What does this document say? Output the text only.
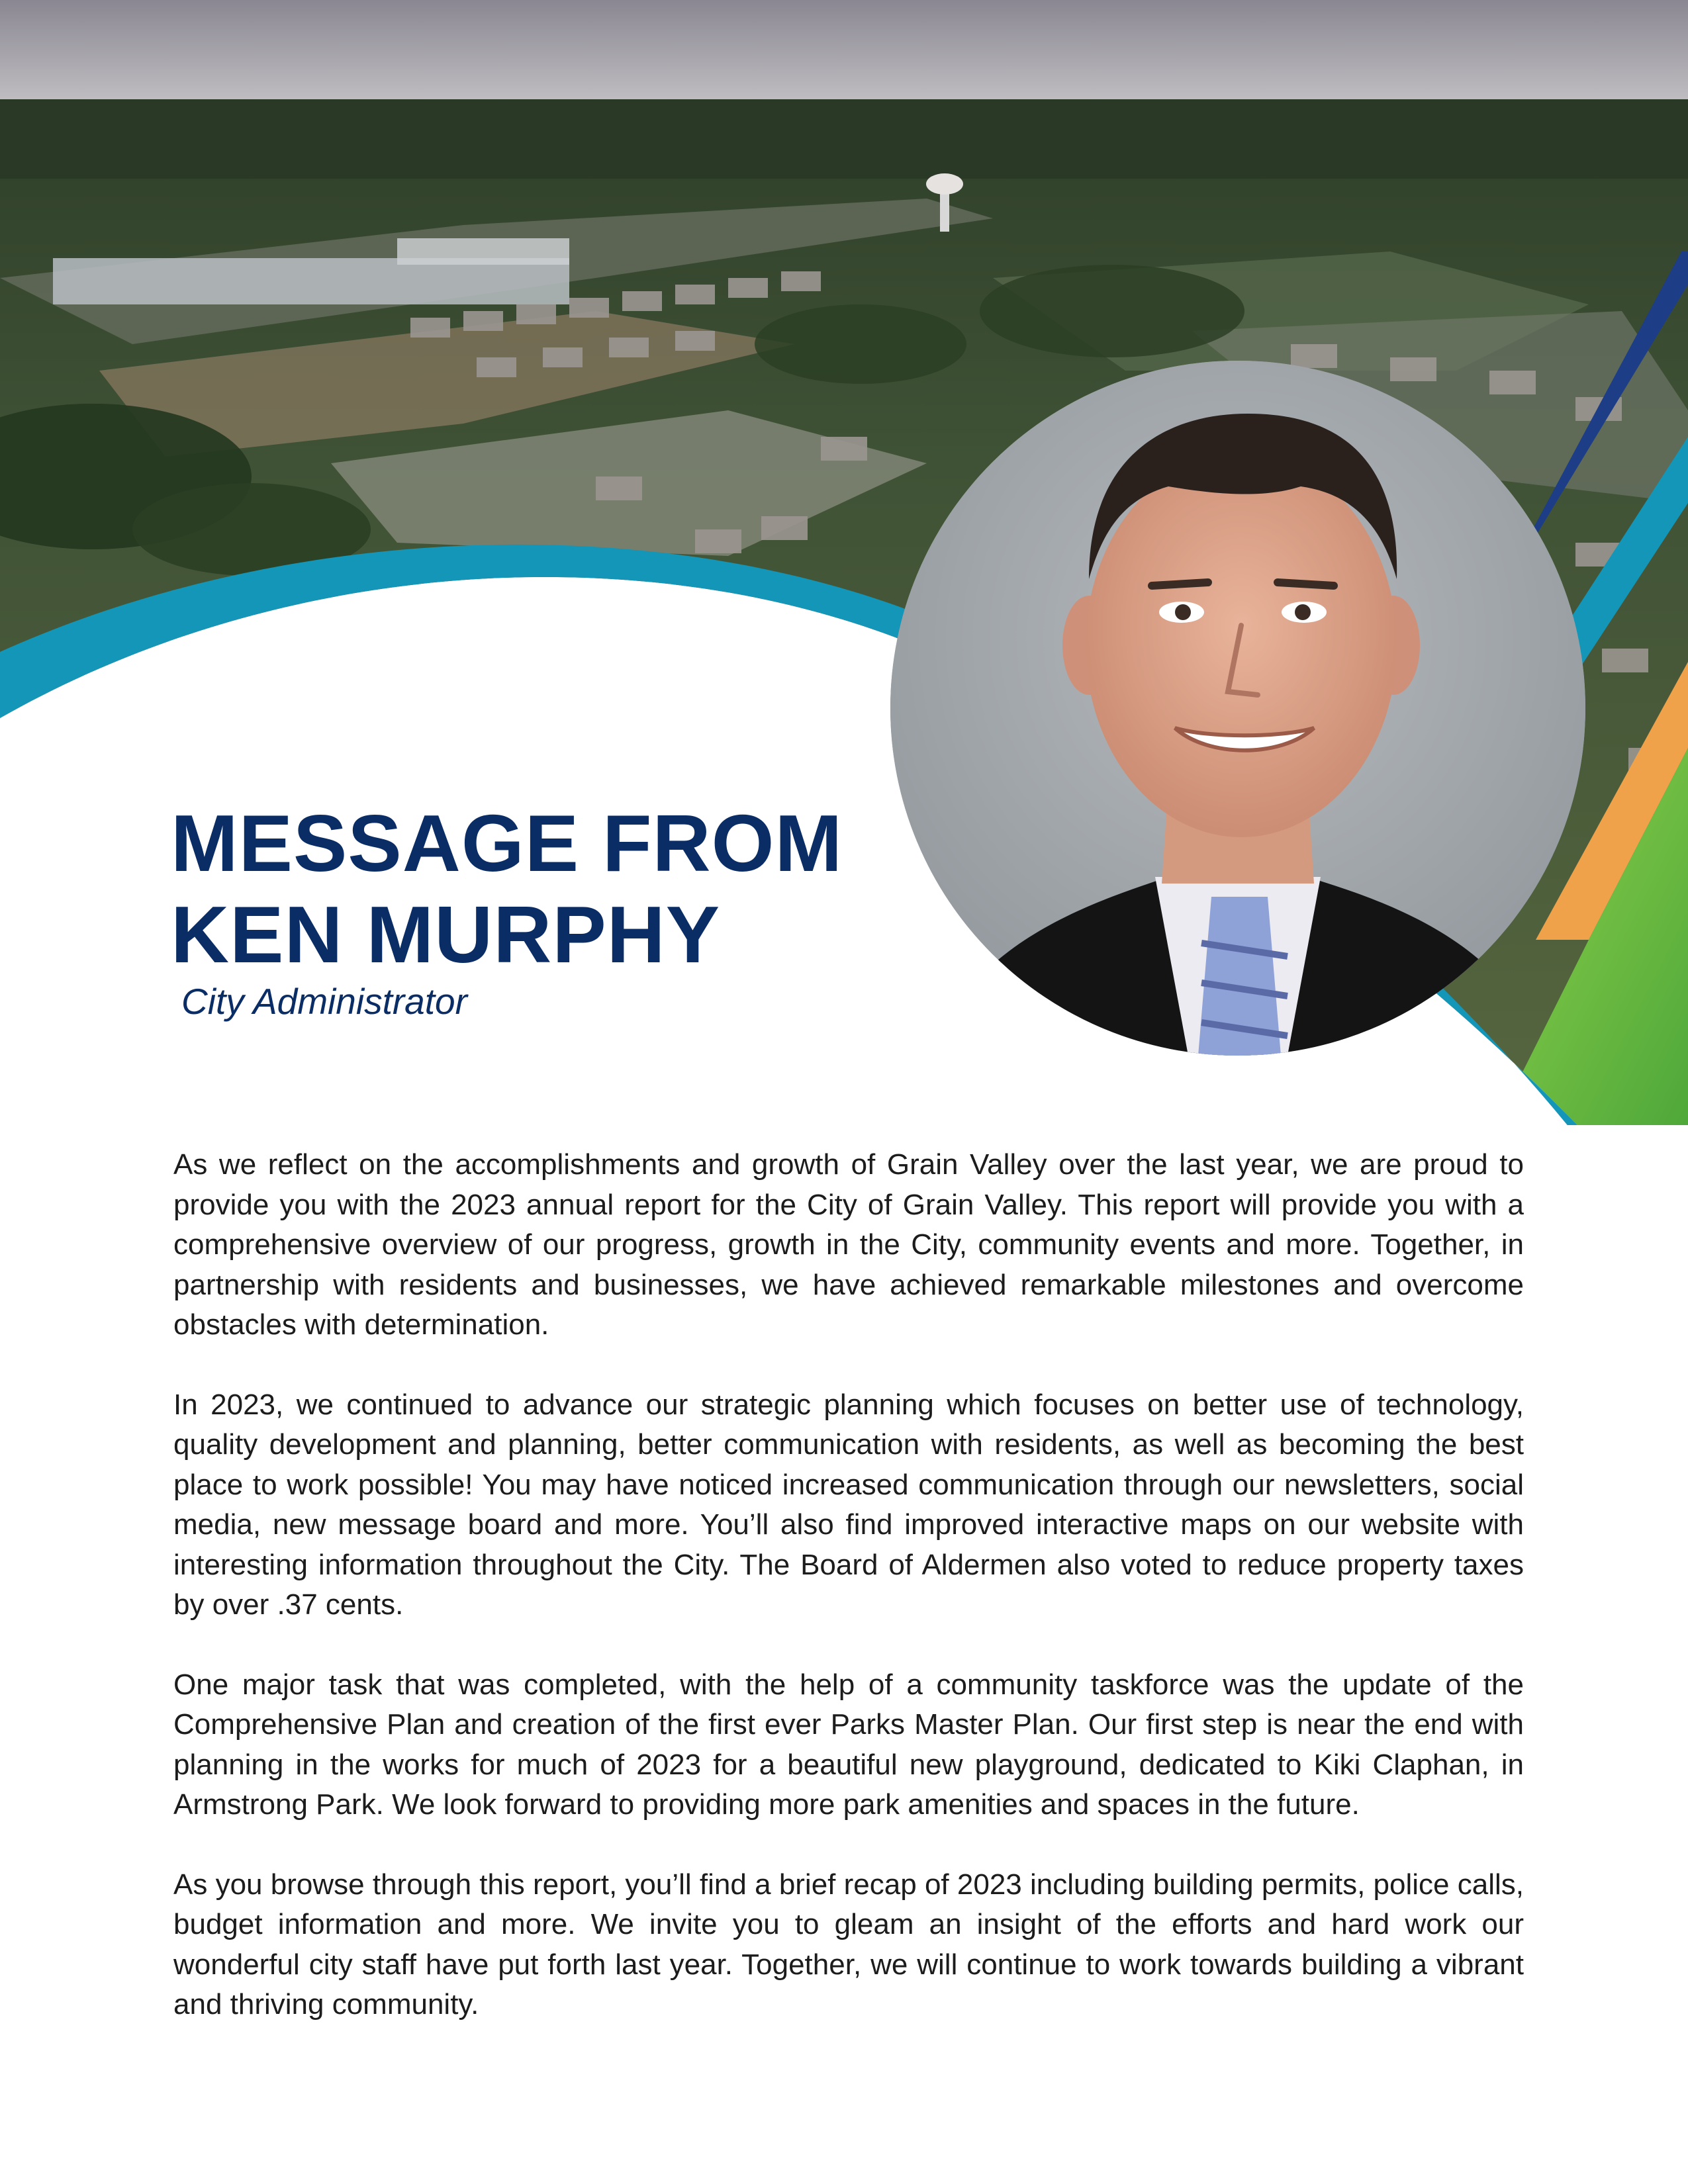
MESSAGE FROM
KEN MURPHY
City Administrator

As we reflect on the accomplishments and growth of Grain Valley over the last year, we are proud to provide you with the 2023 annual report for the City of Grain Valley. This report will provide you with a comprehensive overview of our progress, growth in the City, community events and more. Together, in partnership with residents and businesses, we have achieved remarkable milestones and overcome obstacles with determination.

In 2023, we continued to advance our strategic planning which focuses on better use of technology, quality development and planning, better communication with residents, as well as becoming the best place to work possible! You may have noticed increased communication through our newsletters, social media, new message board and more. You’ll also find improved interactive maps on our website with interesting information throughout the City. The Board of Aldermen also voted to reduce property taxes by over .37 cents.

One major task that was completed, with the help of a community taskforce was the update of the Comprehensive Plan and creation of the first ever Parks Master Plan. Our first step is near the end with planning in the works for much of 2023 for a beautiful new playground, dedicated to Kiki Claphan, in Armstrong Park. We look forward to providing more park amenities and spaces in the future.

As you browse through this report, you’ll find a brief recap of 2023 including building permits, police calls, budget information and more. We invite you to gleam an insight of the efforts and hard work our wonderful city staff have put forth last year. Together, we will continue to work towards building a vibrant and thriving community.
